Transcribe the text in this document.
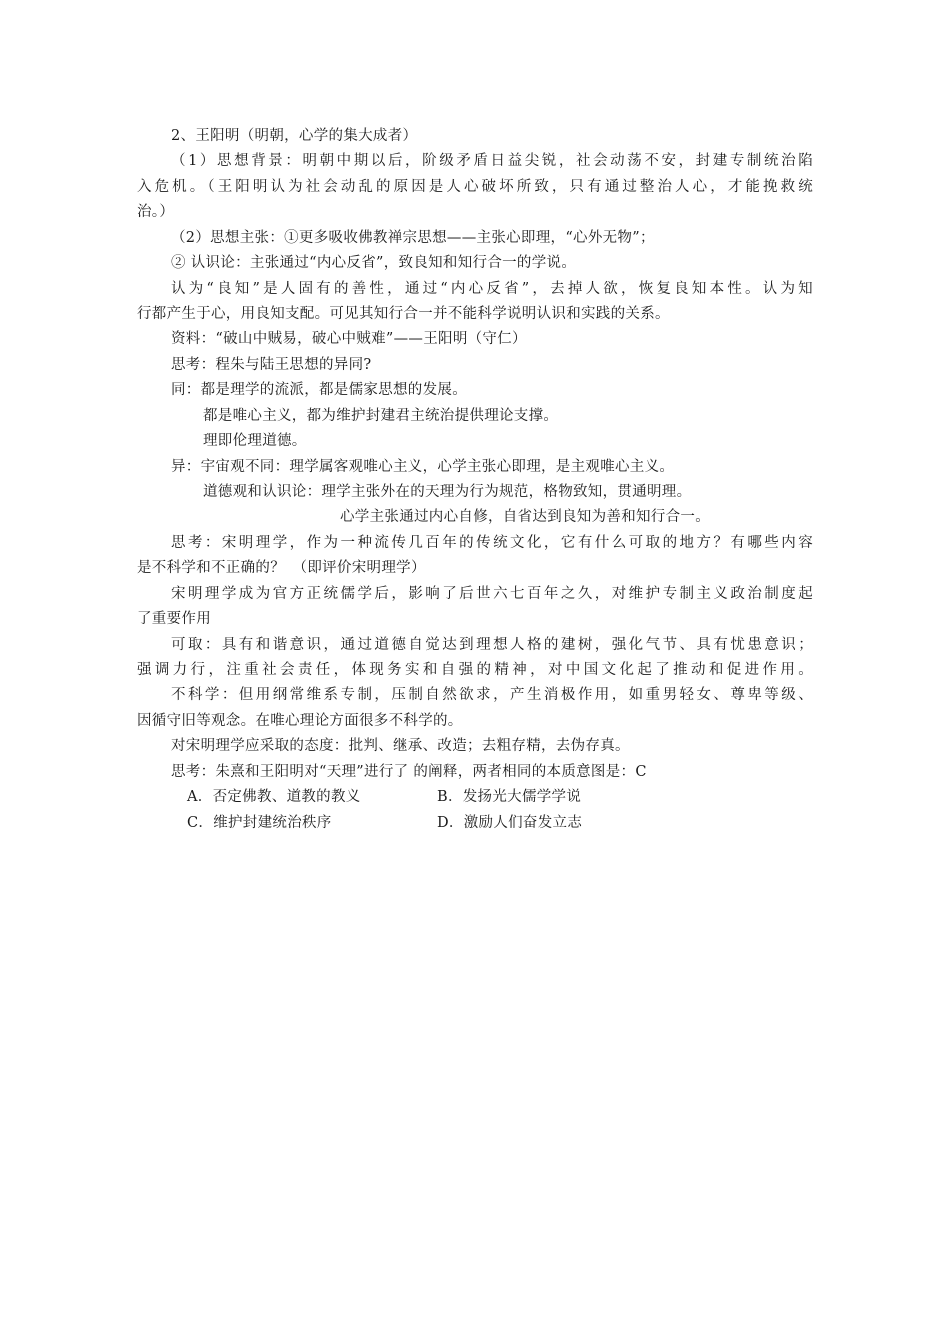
2、王阳明（明朝，心学的集大成者）
（1）思想背景：明朝中期以后，阶级矛盾日益尖锐，社会动荡不安，封建专制统治陷
入危机。（王阳明认为社会动乱的原因是人心破坏所致，只有通过整治人心，才能挽救统
治。）
（2）思想主张：①更多吸收佛教禅宗思想——主张心即理，“心外无物”；
② 认识论：主张通过“内心反省”，致良知和知行合一的学说。
认为“良知”是人固有的善性，通过“内心反省”，去掉人欲，恢复良知本性。认为知
行都产生于心，用良知支配。可见其知行合一并不能科学说明认识和实践的关系。
资料：“破山中贼易，破心中贼难”——王阳明（守仁）
思考：程朱与陆王思想的异同?
同：都是理学的流派，都是儒家思想的发展。
都是唯心主义，都为维护封建君主统治提供理论支撑。
理即伦理道德。
异：宇宙观不同：理学属客观唯心主义，心学主张心即理，是主观唯心主义。
道德观和认识论：理学主张外在的天理为行为规范，格物致知，贯通明理。
心学主张通过内心自修，自省达到良知为善和知行合一。
思考：宋明理学，作为一种流传几百年的传统文化，它有什么可取的地方？有哪些内容
是不科学和不正确的？　（即评价宋明理学）
宋明理学成为官方正统儒学后，影响了后世六七百年之久，对维护专制主义政治制度起
了重要作用
可取：具有和谐意识，通过道德自觉达到理想人格的建树，强化气节、具有忧患意识；
强调力行，注重社会责任，体现务实和自强的精神，对中国文化起了推动和促进作用。
不科学：但用纲常维系专制，压制自然欲求，产生消极作用，如重男轻女、尊卑等级、
因循守旧等观念。在唯心理论方面很多不科学的。
对宋明理学应采取的态度：批判、继承、改造；去粗存精，去伪存真。
思考：朱熹和王阳明对“天理”进行了 的阐释，两者相同的本质意图是：C
A．否定佛教、道教的教义	B．发扬光大儒学学说
C．维护封建统治秩序	D．激励人们奋发立志
